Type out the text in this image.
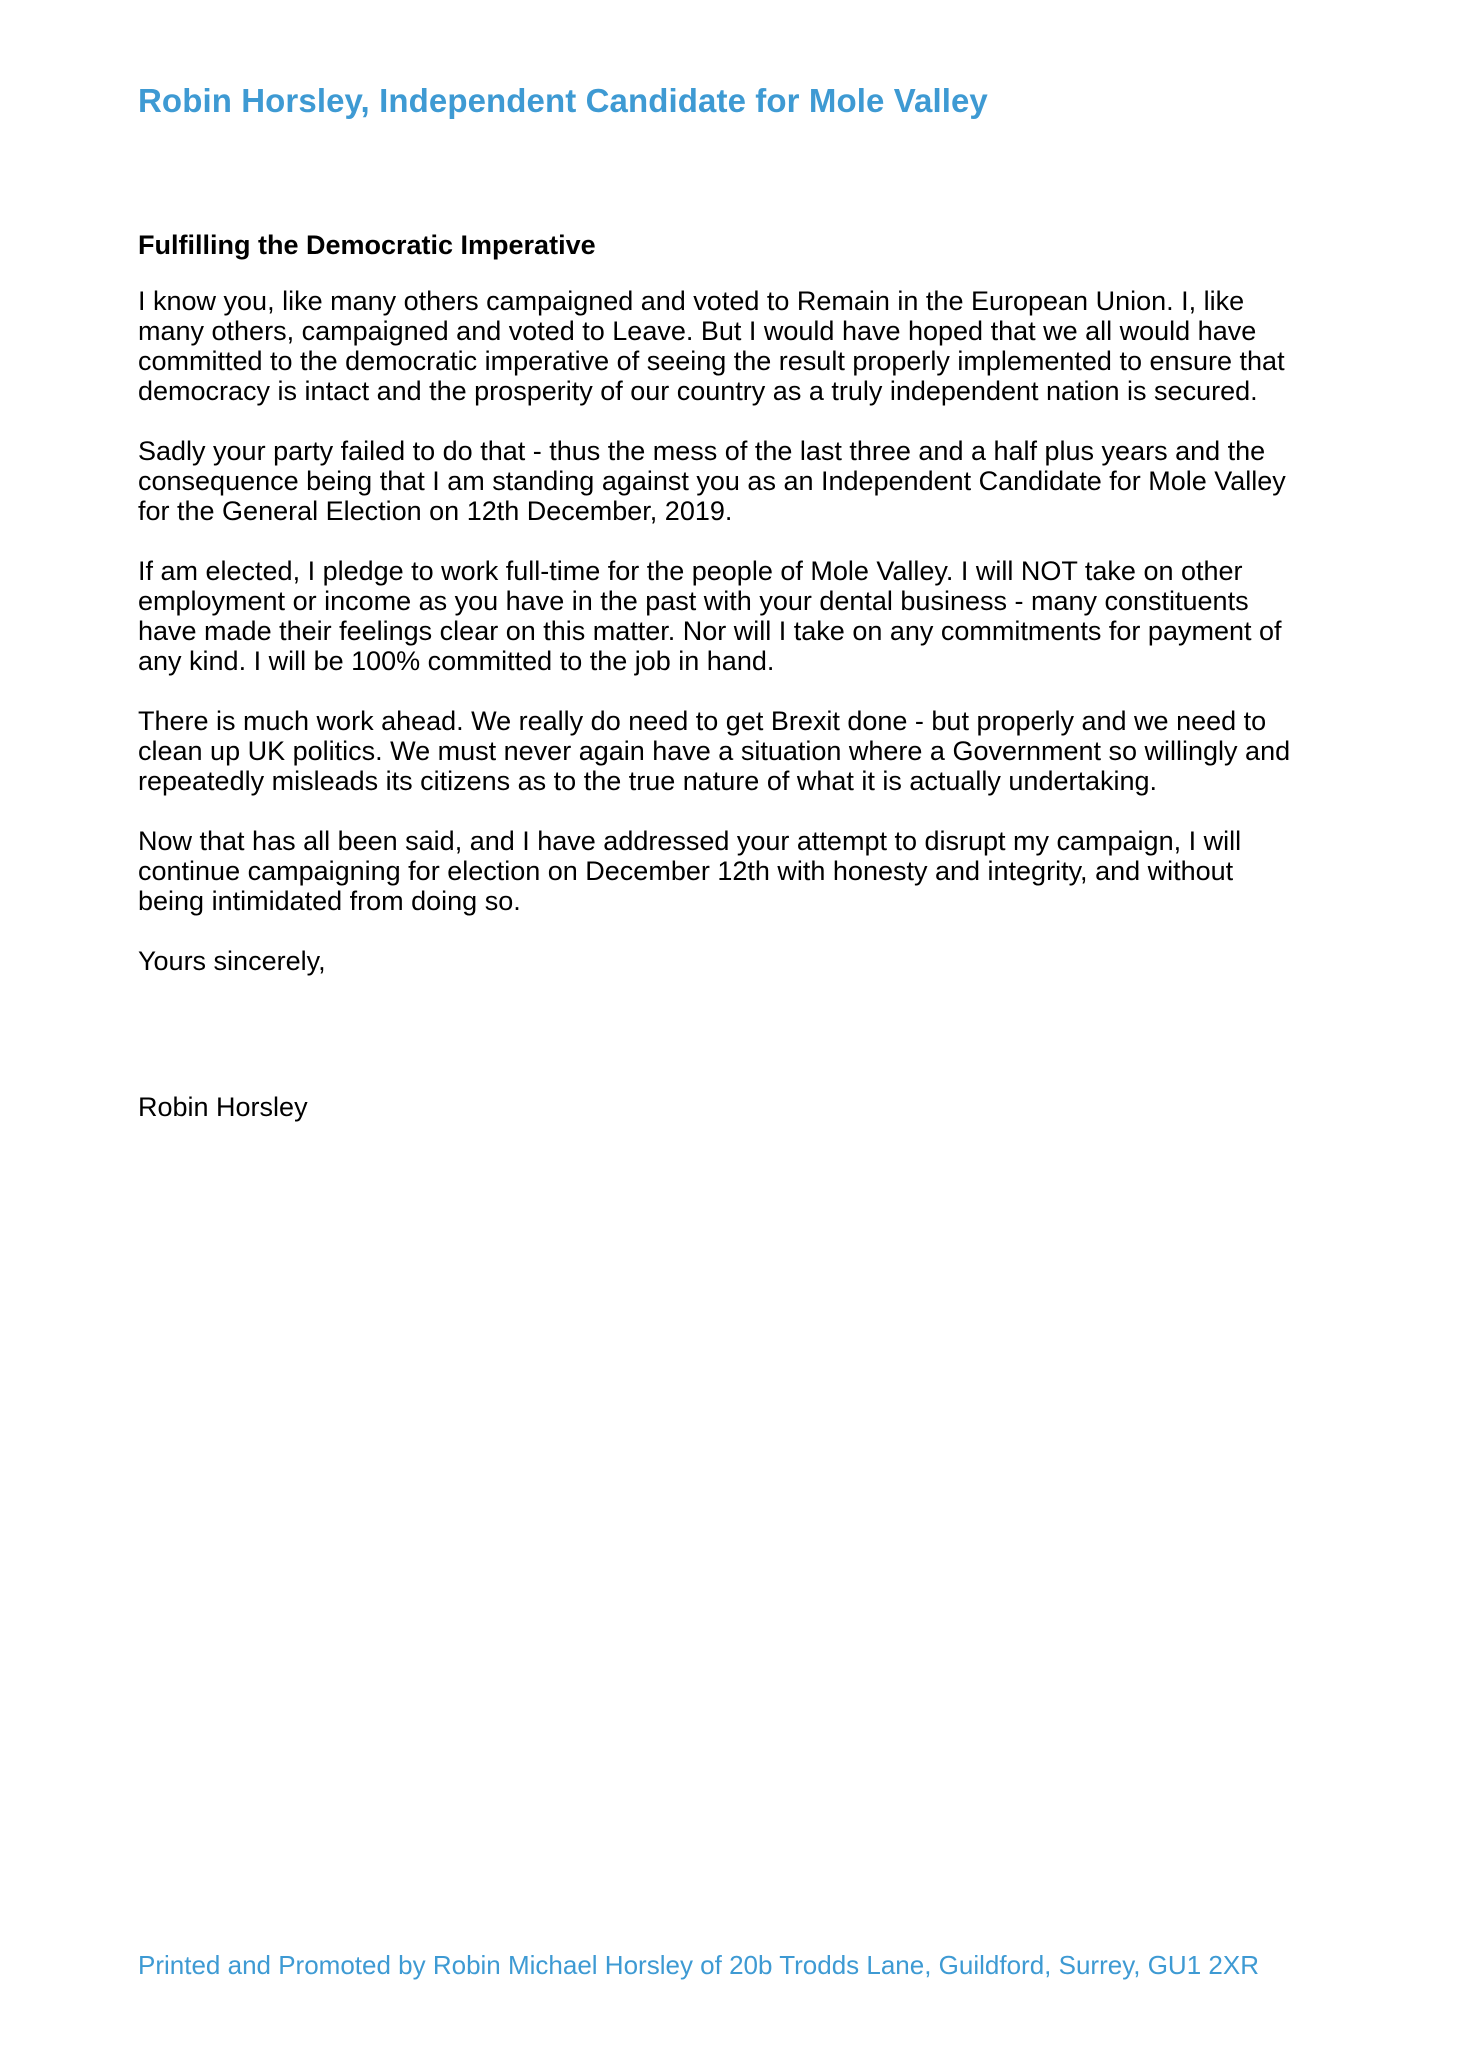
Robin Horsley, Independent Candidate for Mole Valley
Fulfilling the Democratic Imperative

I know you, like many others campaigned and voted to Remain in the European Union. I, like
many others, campaigned and voted to Leave. But I would have hoped that we all would have
committed to the democratic imperative of seeing the result properly implemented to ensure that
democracy is intact and the prosperity of our country as a truly independent nation is secured.

Sadly your party failed to do that - thus the mess of the last three and a half plus years and the
consequence being that I am standing against you as an Independent Candidate for Mole Valley
for the General Election on 12th December, 2019.

If am elected, I pledge to work full-time for the people of Mole Valley. I will NOT take on other
employment or income as you have in the past with your dental business - many constituents
have made their feelings clear on this matter. Nor will I take on any commitments for payment of
any kind. I will be 100% committed to the job in hand.

There is much work ahead. We really do need to get Brexit done - but properly and we need to
clean up UK politics. We must never again have a situation where a Government so willingly and
repeatedly misleads its citizens as to the true nature of what it is actually undertaking.

Now that has all been said, and I have addressed your attempt to disrupt my campaign, I will
continue campaigning for election on December 12th with honesty and integrity, and without
being intimidated from doing so.

Yours sincerely,

Robin Horsley

Printed and Promoted by Robin Michael Horsley of 20b Trodds Lane, Guildford, Surrey, GU1 2XR
